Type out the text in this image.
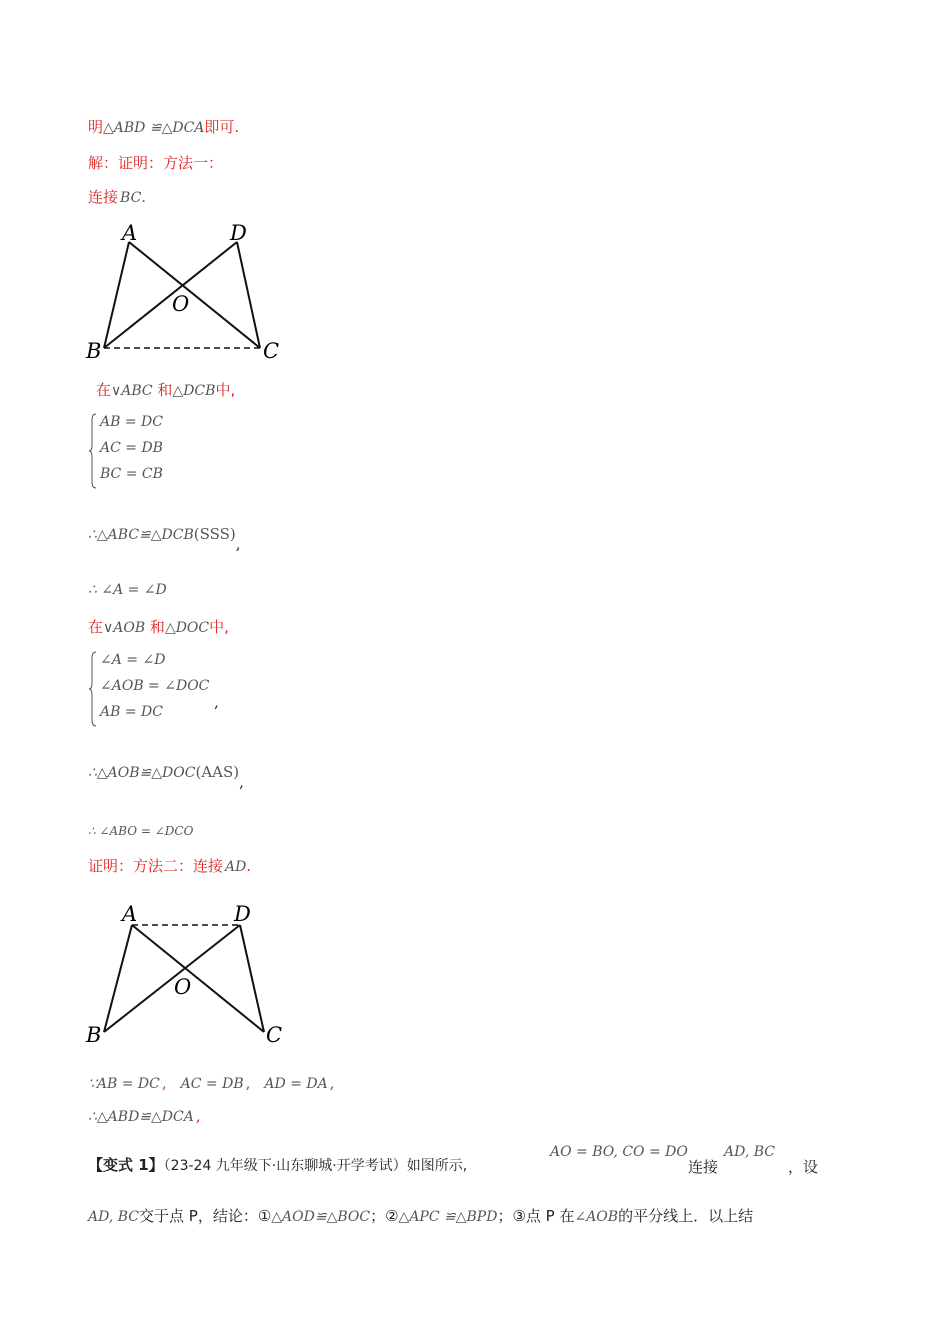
明△ABD ≌△DCA即可.
解：证明：方法一：
连接 BC.
A	D
O
B	C
在∨ABC 和△DCB中,
AB = DC
AC = DB
BC = CB
∴△ABC≌△DCB(SSS),
∴ ∠A = ∠D
在∨AOB 和△DOC中,
∠A = ∠D
∠AOB = ∠DOC
AB = DC
,
∴△AOB≌△DOC(AAS),
∴ ∠ABO = ∠DCO
证明：方法二：连接 AD.
A	D
O
B	C
∵AB = DC , AC = DB , AD = DA ,
∴△ABD≌△DCA ,
【变式 1】（23-24 九年级下·山东聊城·开学考试）如图所示,
AO = BO, CO = DO
连接
AD, BC
，设
AD, BC交于点 P，结论：①△AOD≌△BOC；②△APC ≌△BPD；③点 P 在∠AOB的平分线上．以上结
